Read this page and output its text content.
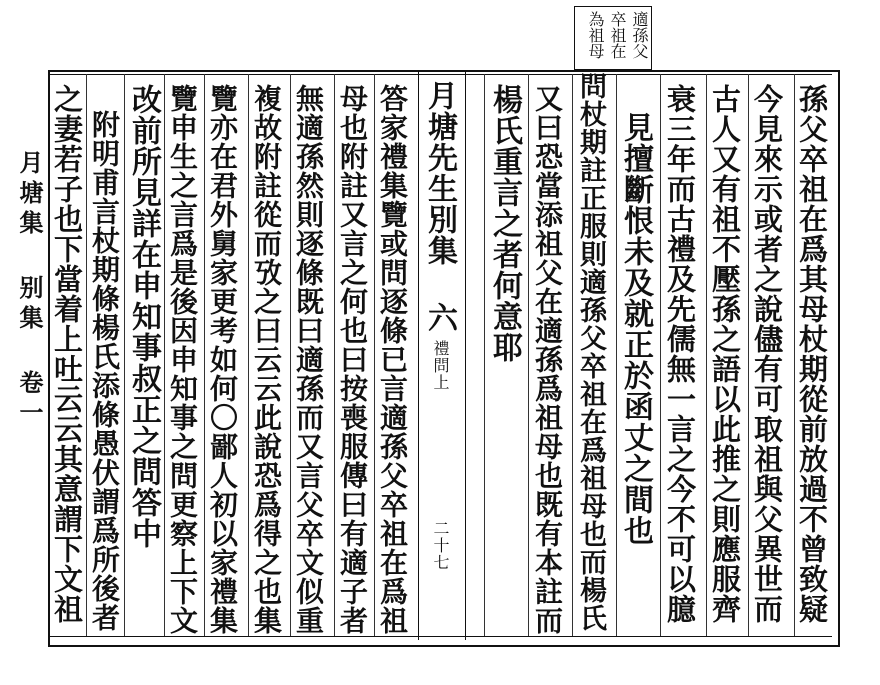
適孫父
卒祖在
為祖母
月塘集 别集 卷一	月塘先生別集 六
禮問上
二十七	孫父卒祖在爲其母杖期從前放過不曾致疑
今見來示或者之說儘有可取祖與父異世而
古人又有祖不壓孫之語以此推之則應服齊
衰三年而古禮及先儒無一言之今不可以臆
見擅斷恨未及就正於函丈之間也
問杖期註正服則適孫父卒祖在爲祖母也而楊氏
又曰恐當添祖父在適孫爲祖母也既有本註而
楊氏重言之者何意耶
答家禮集覽或問逐條已言適孫父卒祖在爲祖
母也附註又言之何也曰按喪服傳曰有適子者
無適孫然則逐條既曰適孫而又言父卒文似重
複故附註從而攷之曰云云此說恐爲得之也集
覽亦在君外舅家更考如何〇鄙人初以家禮集
覽申生之言爲是後因申知事之問更察上下文
改前所見詳在申知事叔正之問答中
附明甫言杖期條楊氏添條愚伏謂爲所後者
之妻若子也下當着上吐云云其意謂下文祖
